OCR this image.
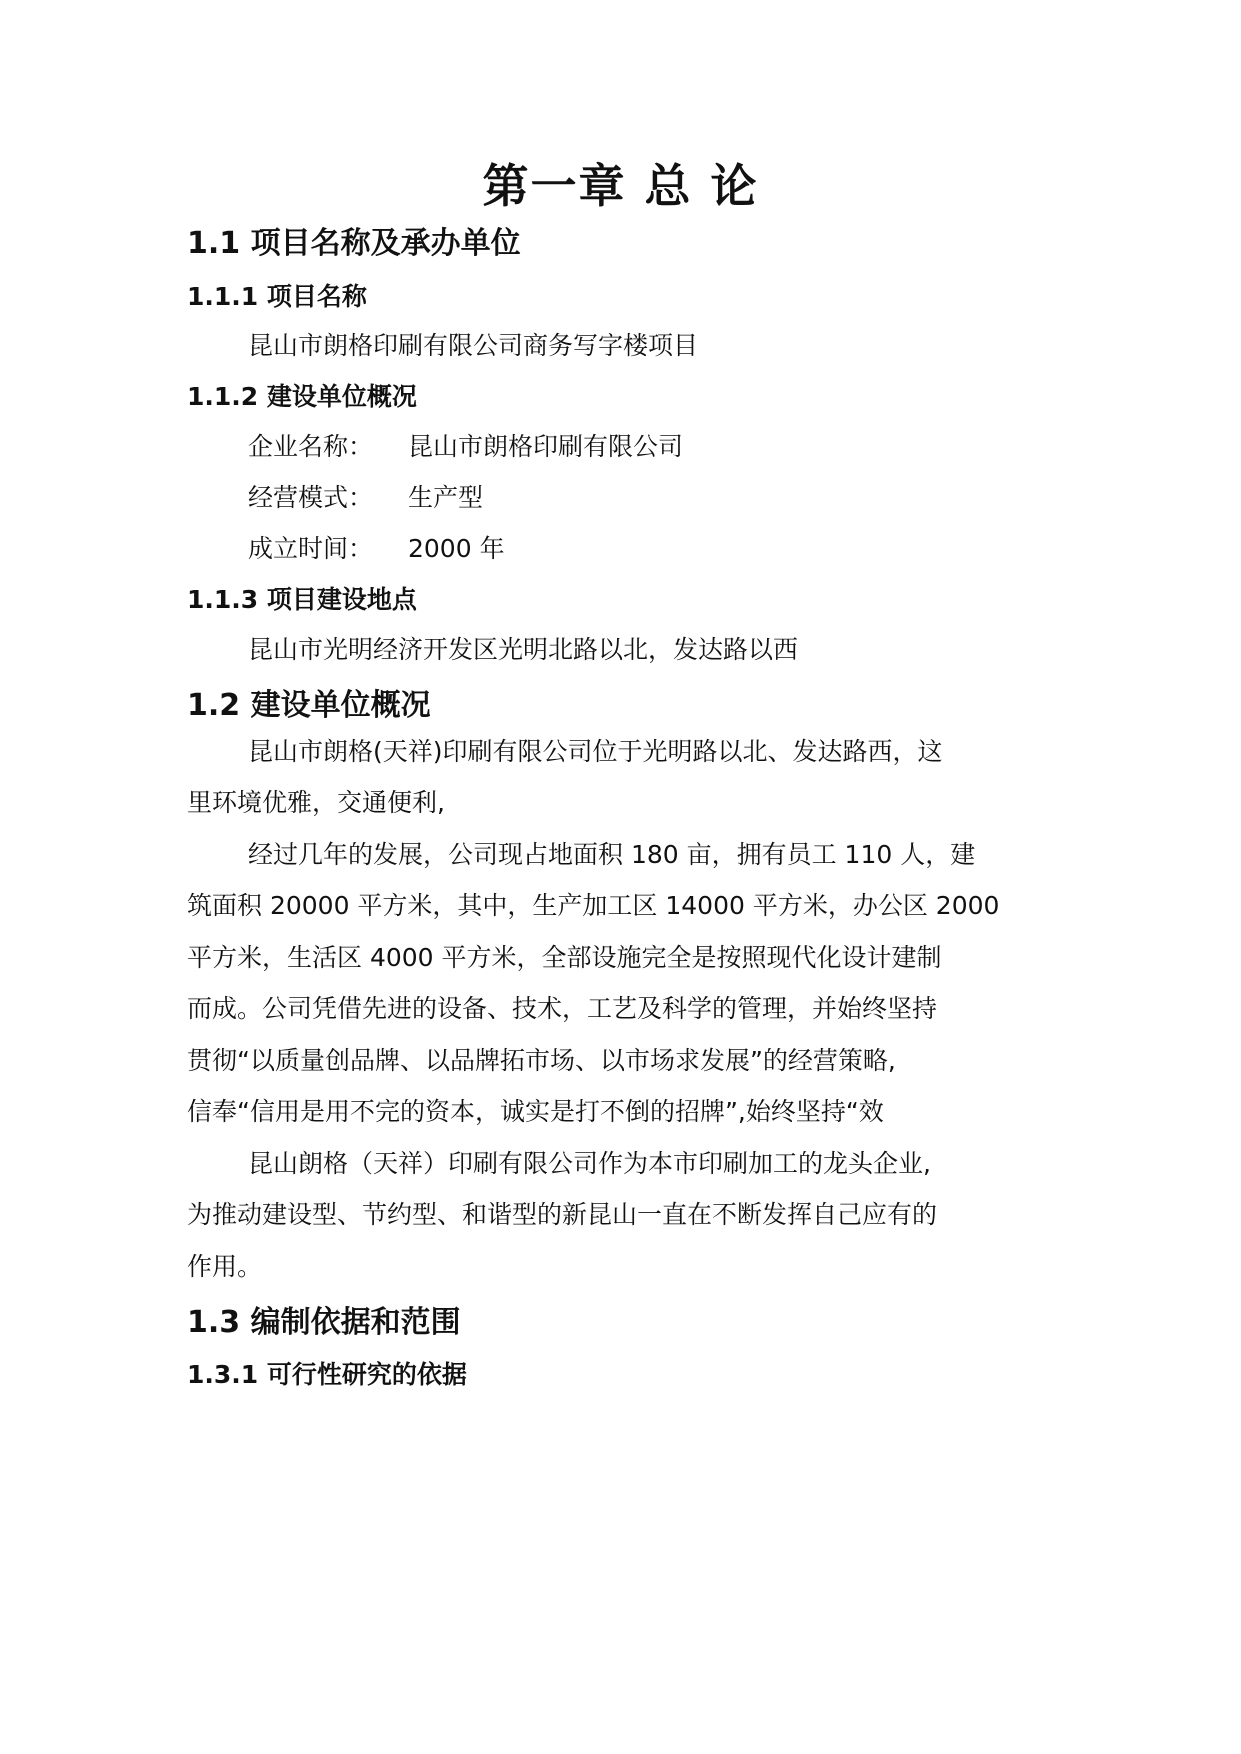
第一章 总 论
1.1 项目名称及承办单位
1.1.1 项目名称
昆山市朗格印刷有限公司商务写字楼项目
1.1.2 建设单位概况
企业名称： 昆山市朗格印刷有限公司
经营模式： 生产型
成立时间： 2000 年
1.1.3 项目建设地点
昆山市光明经济开发区光明北路以北，发达路以西
1.2 建设单位概况
昆山市朗格(天祥)印刷有限公司位于光明路以北、发达路西，这
里环境优雅，交通便利,
经过几年的发展，公司现占地面积 180 亩，拥有员工 110 人，建
筑面积 20000 平方米，其中，生产加工区 14000 平方米，办公区 2000
平方米，生活区 4000 平方米，全部设施完全是按照现代化设计建制
而成。公司凭借先进的设备、技术，工艺及科学的管理，并始终坚持
贯彻“以质量创品牌、以品牌拓市场、以市场求发展”的经营策略,
信奉“信用是用不完的资本，诚实是打不倒的招牌”,始终坚持“效
昆山朗格（天祥）印刷有限公司作为本市印刷加工的龙头企业,
为推动建设型、节约型、和谐型的新昆山一直在不断发挥自己应有的
作用。
1.3 编制依据和范围
1.3.1 可行性研究的依据
